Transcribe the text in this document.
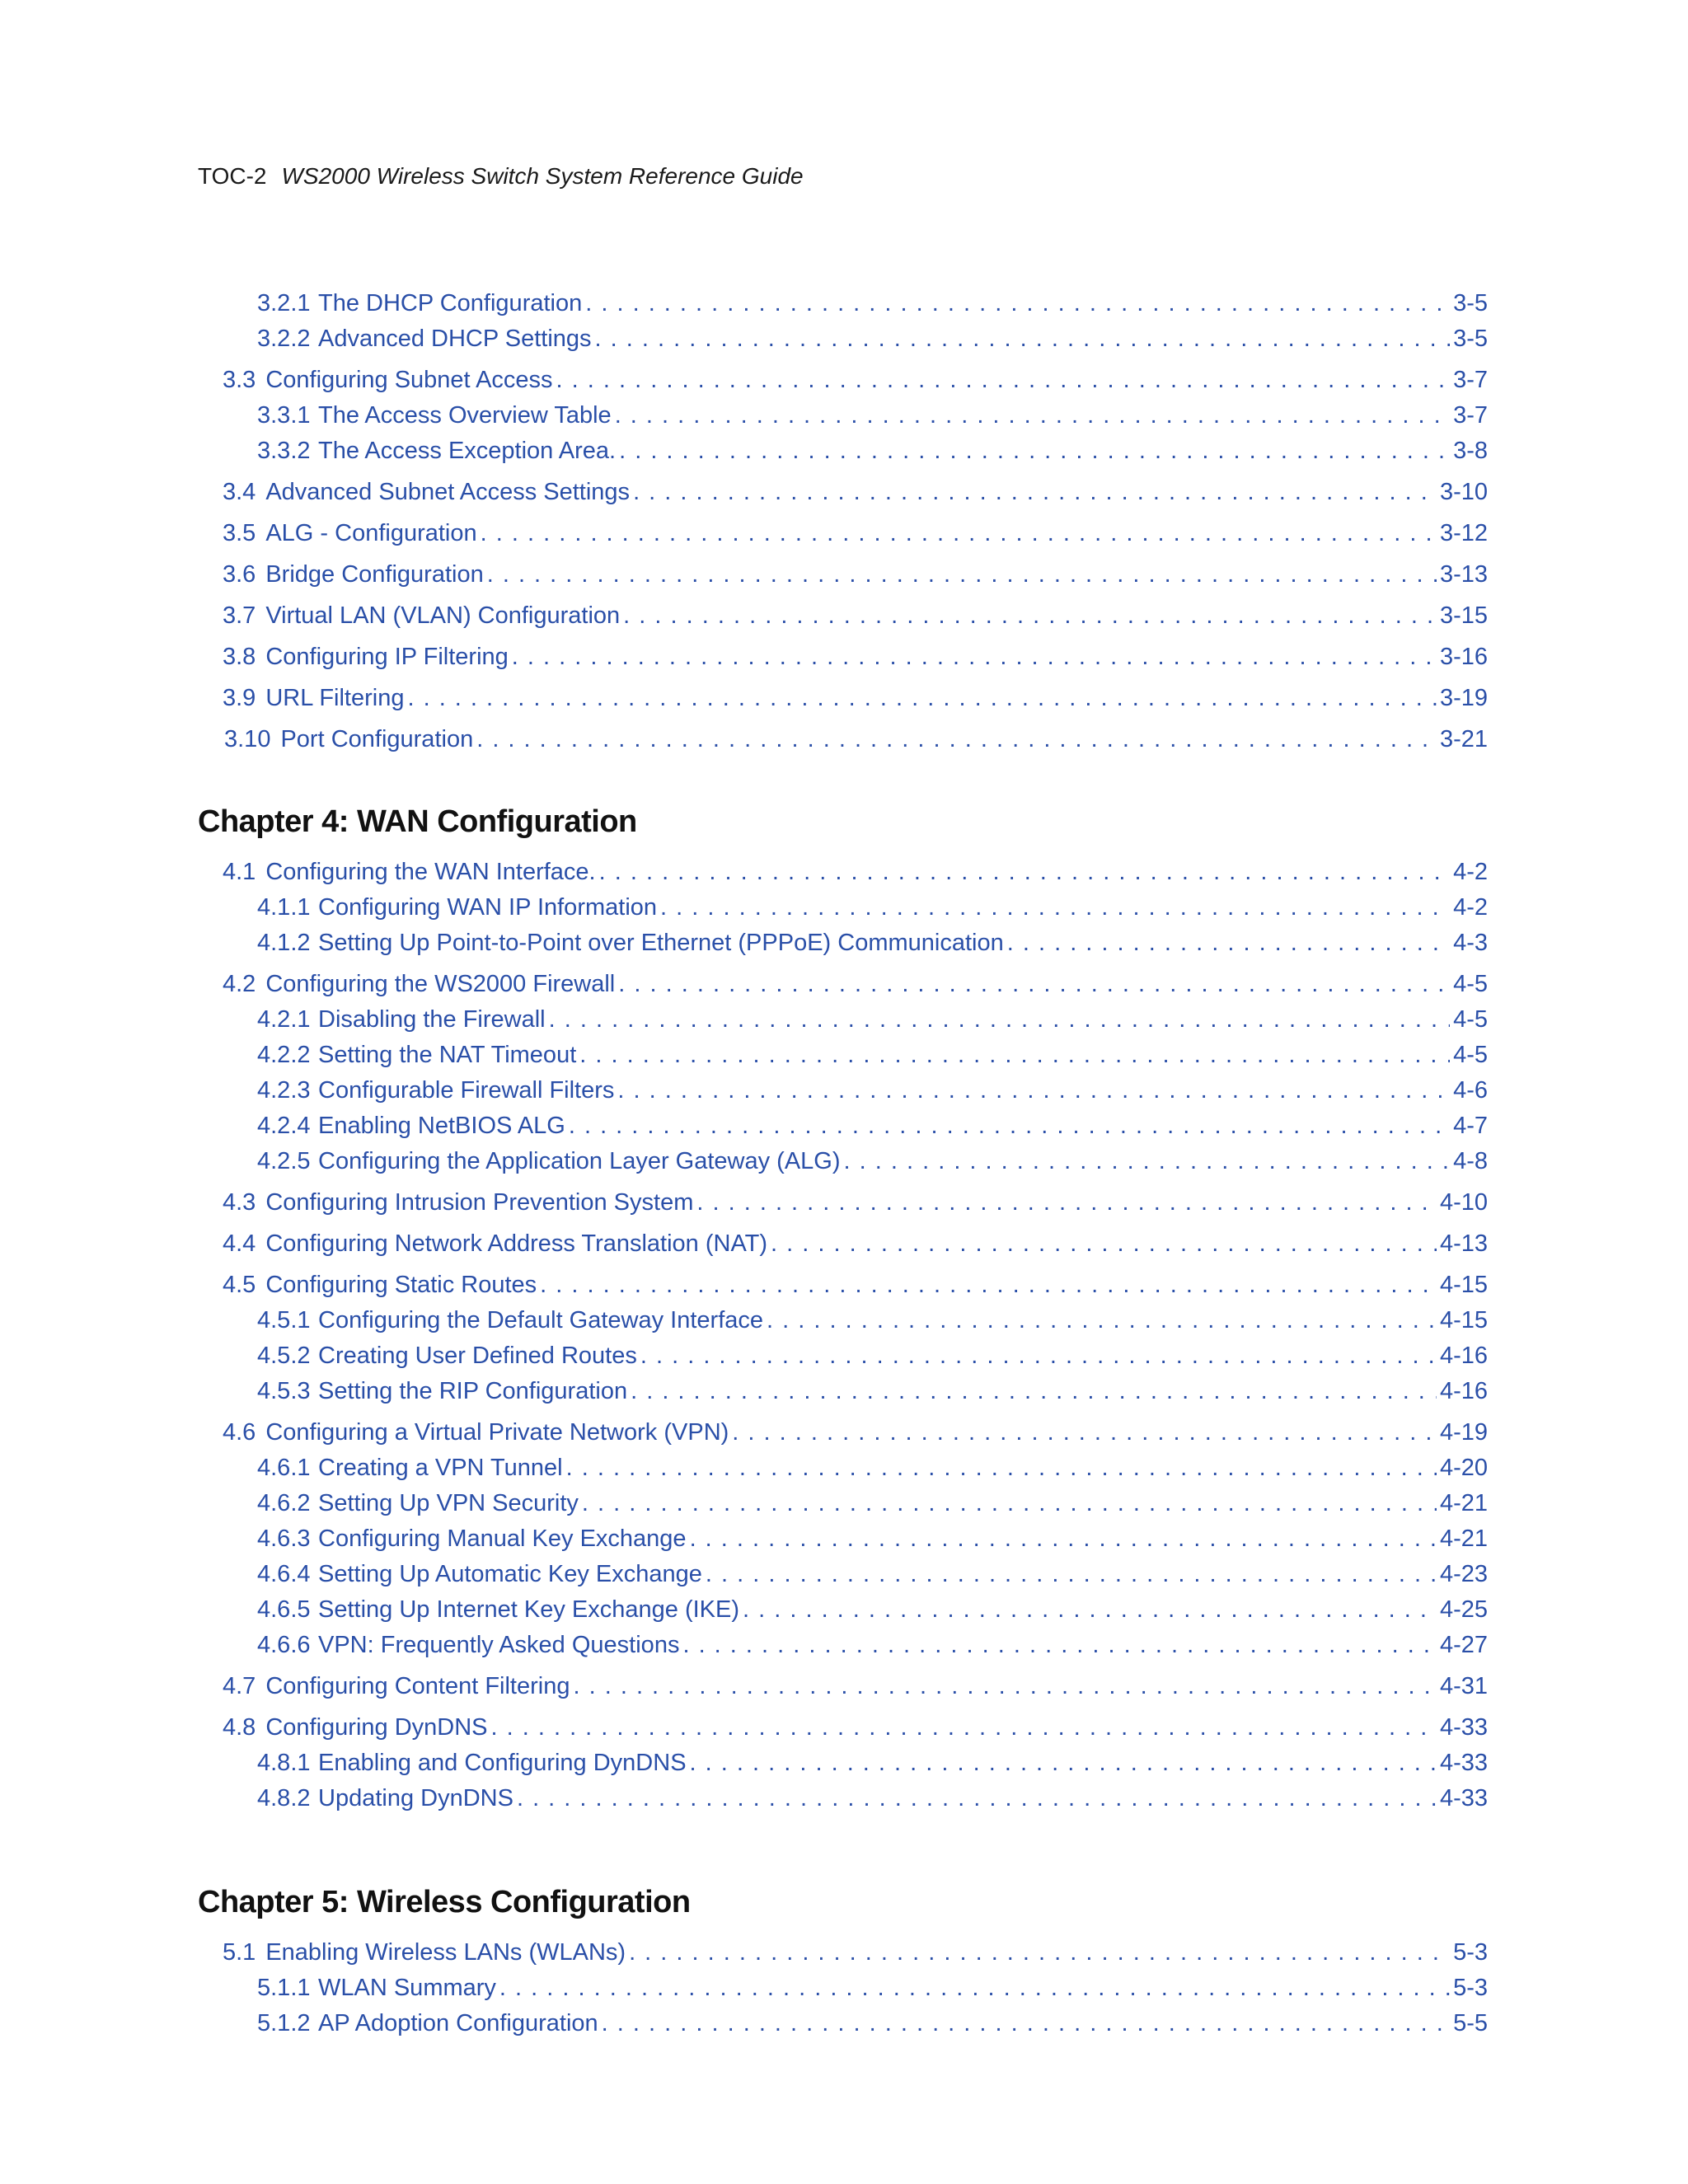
TOC-2 WS2000 Wireless Switch System Reference Guide
3.2.1 The DHCP Configuration . . .	3-5
3.2.2 Advanced DHCP Settings . . .	3-5
3.3 Configuring Subnet Access . . .	3-7
3.3.1 The Access Overview Table . . .	3-7
3.3.2 The Access Exception Area. . . .	3-8
3.4 Advanced Subnet Access Settings . . .	3-10
3.5 ALG - Configuration . . .	3-12
3.6 Bridge Configuration . . .	3-13
3.7 Virtual LAN (VLAN) Configuration . . .	3-15
3.8 Configuring IP Filtering . . .	3-16
3.9 URL Filtering . . .	3-19
3.10 Port Configuration . . .	3-21
Chapter 4: WAN Configuration
4.1 Configuring the WAN Interface. . . .	4-2
4.1.1 Configuring WAN IP Information . . .	4-2
4.1.2 Setting Up Point-to-Point over Ethernet (PPPoE) Communication . . .	4-3
4.2 Configuring the WS2000 Firewall . . .	4-5
4.2.1 Disabling the Firewall . . .	4-5
4.2.2 Setting the NAT Timeout . . .	4-5
4.2.3 Configurable Firewall Filters . . .	4-6
4.2.4 Enabling NetBIOS ALG . . .	4-7
4.2.5 Configuring the Application Layer Gateway (ALG) . . .	4-8
4.3 Configuring Intrusion Prevention System . . .	4-10
4.4 Configuring Network Address Translation (NAT) . . .	4-13
4.5 Configuring Static Routes . . .	4-15
4.5.1 Configuring the Default Gateway Interface . . .	4-15
4.5.2 Creating User Defined Routes . . .	4-16
4.5.3 Setting the RIP Configuration . . .	4-16
4.6 Configuring a Virtual Private Network (VPN) . . .	4-19
4.6.1 Creating a VPN Tunnel . . .	4-20
4.6.2 Setting Up VPN Security . . .	4-21
4.6.3 Configuring Manual Key Exchange . . .	4-21
4.6.4 Setting Up Automatic Key Exchange . . .	4-23
4.6.5 Setting Up Internet Key Exchange (IKE) . . .	4-25
4.6.6 VPN: Frequently Asked Questions . . .	4-27
4.7 Configuring Content Filtering . . .	4-31
4.8 Configuring DynDNS . . .	4-33
4.8.1 Enabling and Configuring DynDNS . . .	4-33
4.8.2 Updating DynDNS . . .	4-33
Chapter 5: Wireless Configuration
5.1 Enabling Wireless LANs (WLANs) . . .	5-3
5.1.1 WLAN Summary . . .	5-3
5.1.2 AP Adoption Configuration . . .	5-5
